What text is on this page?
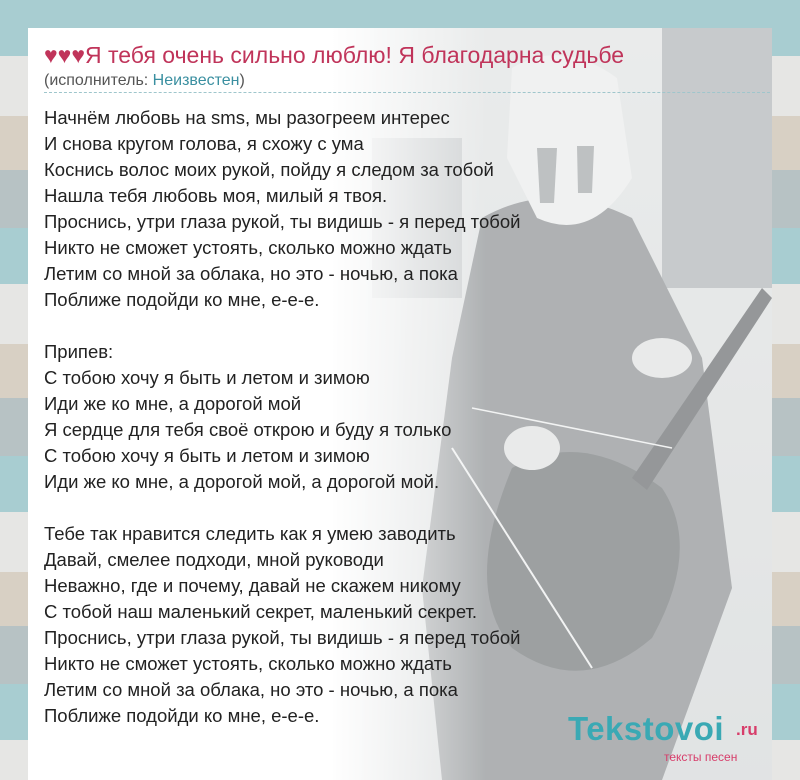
♥♥♥Я тебя очень сильно люблю! Я благодарна судьбе
(исполнитель: Неизвестен)
Начнём любовь на sms, мы разогреем интерес
И снова кругом голова, я схожу с ума
Коснись волос моих рукой, пойду я следом за тобой
Нашла тебя любовь моя, милый я твоя.
Проснись, утри глаза рукой, ты видишь - я перед тобой
Никто не сможет устоять, сколько можно ждать
Летим со мной за облака, но это - ночью, а пока
Поближе подойди ко мне, е-е-е.
Припев:
С тобою хочу я быть и летом и зимою
Иди же ко мне, а дорогой мой
Я сердце для тебя своё открою и буду я только
С тобою хочу я быть и летом и зимою
Иди же ко мне, а дорогой мой, а дорогой мой.
Тебе так нравится следить как я умею заводить
Давай, смелее подходи, мной руководи
Неважно, где и почему, давай не скажем никому
С тобой наш маленький секрет, маленький секрет.
Проснись, утри глаза рукой, ты видишь - я перед тобой
Никто не сможет устоять, сколько можно ждать
Летим со мной за облака, но это - ночью, а пока
Поближе подойди ко мне, е-е-е.	Tekstovoi .ru
тексты песен
